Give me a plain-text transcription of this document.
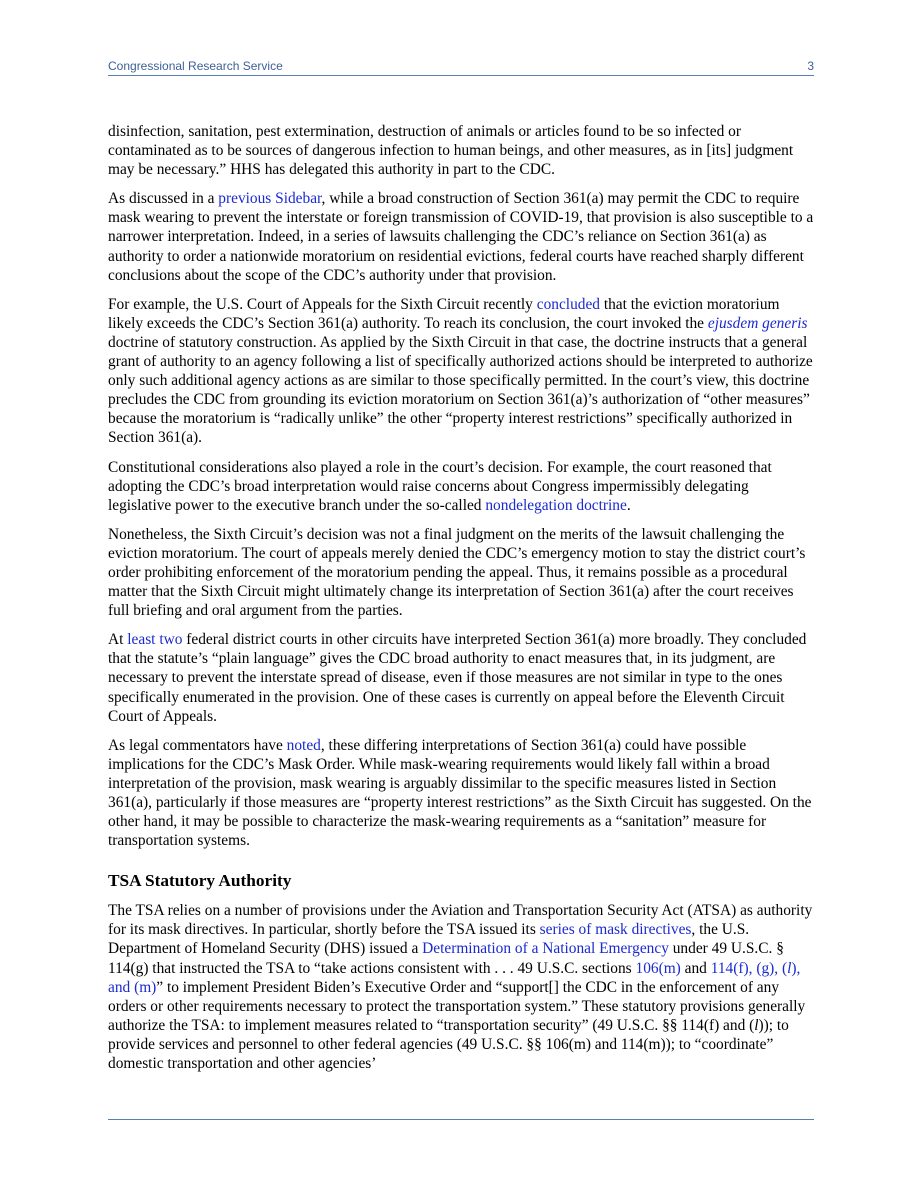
Congressional Research Service	3

disinfection, sanitation, pest extermination, destruction of animals or articles found to be so infected or contaminated as to be sources of dangerous infection to human beings, and other measures, as in [its] judgment may be necessary.” HHS has delegated this authority in part to the CDC.

As discussed in a previous Sidebar, while a broad construction of Section 361(a) may permit the CDC to require mask wearing to prevent the interstate or foreign transmission of COVID-19, that provision is also susceptible to a narrower interpretation. Indeed, in a series of lawsuits challenging the CDC’s reliance on Section 361(a) as authority to order a nationwide moratorium on residential evictions, federal courts have reached sharply different conclusions about the scope of the CDC’s authority under that provision.

For example, the U.S. Court of Appeals for the Sixth Circuit recently concluded that the eviction moratorium likely exceeds the CDC’s Section 361(a) authority. To reach its conclusion, the court invoked the ejusdem generis doctrine of statutory construction. As applied by the Sixth Circuit in that case, the doctrine instructs that a general grant of authority to an agency following a list of specifically authorized actions should be interpreted to authorize only such additional agency actions as are similar to those specifically permitted. In the court’s view, this doctrine precludes the CDC from grounding its eviction moratorium on Section 361(a)’s authorization of “other measures” because the moratorium is “radically unlike” the other “property interest restrictions” specifically authorized in Section 361(a).

Constitutional considerations also played a role in the court’s decision. For example, the court reasoned that adopting the CDC’s broad interpretation would raise concerns about Congress impermissibly delegating legislative power to the executive branch under the so-called nondelegation doctrine.

Nonetheless, the Sixth Circuit’s decision was not a final judgment on the merits of the lawsuit challenging the eviction moratorium. The court of appeals merely denied the CDC’s emergency motion to stay the district court’s order prohibiting enforcement of the moratorium pending the appeal. Thus, it remains possible as a procedural matter that the Sixth Circuit might ultimately change its interpretation of Section 361(a) after the court receives full briefing and oral argument from the parties.

At least two federal district courts in other circuits have interpreted Section 361(a) more broadly. They concluded that the statute’s “plain language” gives the CDC broad authority to enact measures that, in its judgment, are necessary to prevent the interstate spread of disease, even if those measures are not similar in type to the ones specifically enumerated in the provision. One of these cases is currently on appeal before the Eleventh Circuit Court of Appeals.

As legal commentators have noted, these differing interpretations of Section 361(a) could have possible implications for the CDC’s Mask Order. While mask-wearing requirements would likely fall within a broad interpretation of the provision, mask wearing is arguably dissimilar to the specific measures listed in Section 361(a), particularly if those measures are “property interest restrictions” as the Sixth Circuit has suggested. On the other hand, it may be possible to characterize the mask-wearing requirements as a “sanitation” measure for transportation systems.

TSA Statutory Authority

The TSA relies on a number of provisions under the Aviation and Transportation Security Act (ATSA) as authority for its mask directives. In particular, shortly before the TSA issued its series of mask directives, the U.S. Department of Homeland Security (DHS) issued a Determination of a National Emergency under 49 U.S.C. § 114(g) that instructed the TSA to “take actions consistent with . . . 49 U.S.C. sections 106(m) and 114(f), (g), (l), and (m)” to implement President Biden’s Executive Order and “support[] the CDC in the enforcement of any orders or other requirements necessary to protect the transportation system.” These statutory provisions generally authorize the TSA: to implement measures related to “transportation security” (49 U.S.C. §§ 114(f) and (l)); to provide services and personnel to other federal agencies (49 U.S.C. §§ 106(m) and 114(m)); to “coordinate” domestic transportation and other agencies’
